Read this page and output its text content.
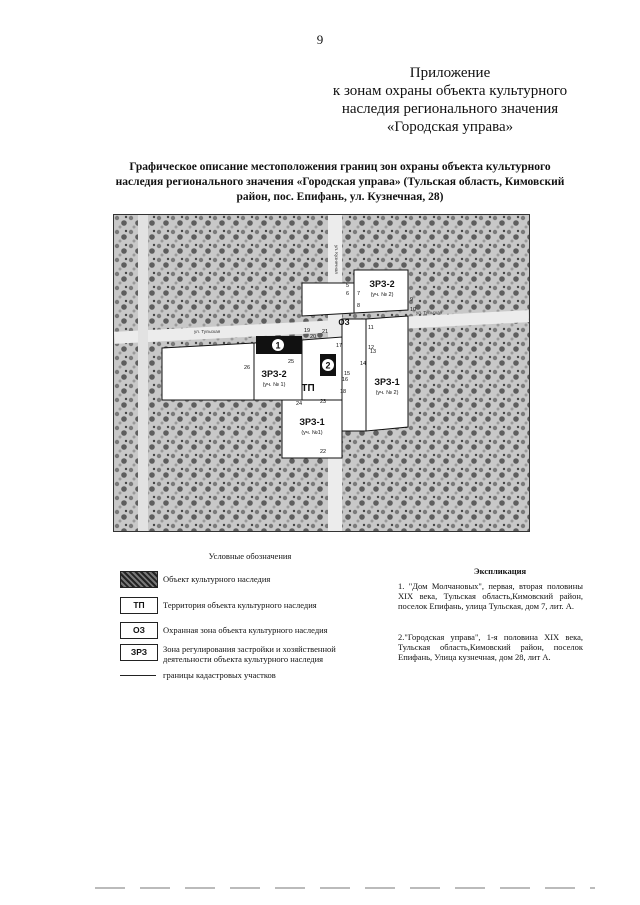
9
Приложение
к зонам охраны объекта культурного
наследия регионального значения
«Городская управа»
Графическое описание местоположения границ зон охраны объекта культурного
наследия регионального значения «Городская управа» (Тульская область, Кимовский
район, пос. Епифань, ул. Кузнечная, 28)
1
2
ЗРЗ-2
(уч. № 2)
ОЗ
ЗРЗ-2
(уч. № 1) ТП
ЗРЗ-1
(уч. № 2)
ЗРЗ-1
(уч. №1)
ул. Тульская
ул. Тульская
ул. Кузнечная
5
6 7
8
9
10
11
12
13
14
15
16
17
18
19
20
21
22
23
24
25
26
Условные обозначения
Объект культурного наследия
ТП	Территория объекта культурного наследия
ОЗ	Охранная зона объекта культурного наследия
ЗРЗ	Зона регулирования застройки и хозяйственной деятельности объекта культурного наследия
границы кадастровых участков
Экспликация
1. "Дом Молчановых", первая, вторая половины XIX века, Тульская область,Кимовский район, поселок Епифань, улица Тульская, дом 7, лит. А.
2."Городская управа", 1-я половина XIX века, Тульская область,Кимовский район, поселок Епифань, Улица кузнечная, дом 28, лит А.
